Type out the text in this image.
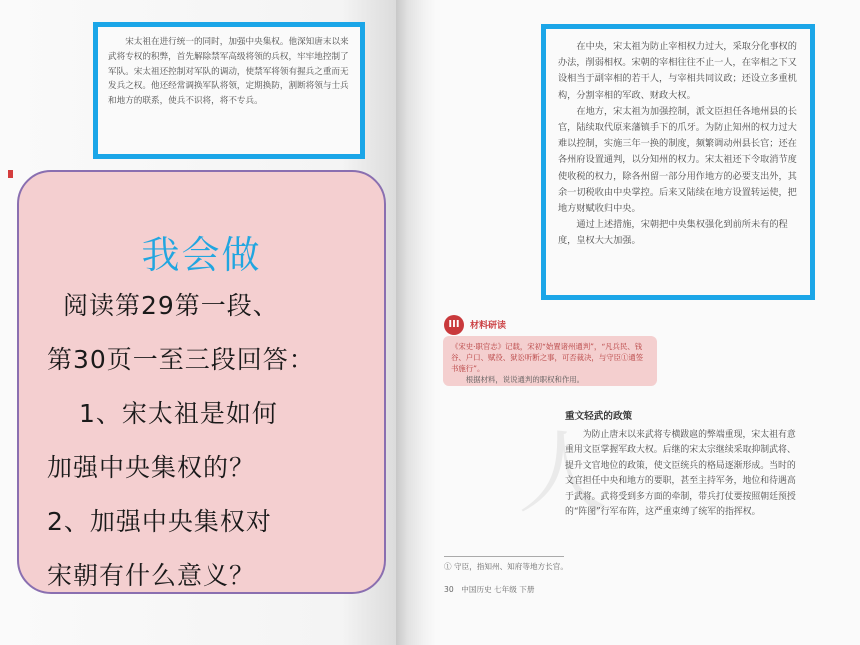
宋太祖在进行统一的同时，加强中央集权。他深知唐末以来武将专权的积弊，首先解除禁军高级将领的兵权，牢牢地控制了军队。宋太祖还控制对军队的调动，使禁军将领有握兵之重而无发兵之权。他还经常调换军队将领，定期换防，割断将领与士兵和地方的联系，使兵不识将，将不专兵。

我会做
阅读第29第一段、
第30页一至三段回答：
1、宋太祖是如何
加强中央集权的？
2、加强中央集权对
宋朝有什么意义？

在中央，宋太祖为防止宰相权力过大，采取分化事权的办法，削弱相权。宋朝的宰相往往不止一人，在宰相之下又设相当于副宰相的若干人，与宰相共同议政；还设立多重机构，分割宰相的军政、财政大权。

在地方，宋太祖为加强控制，派文臣担任各地州县的长官，陆续取代原来藩镇手下的爪牙。为防止知州的权力过大难以控制，实施三年一换的制度，频繁调动州县长官；还在各州府设置通判，以分知州的权力。宋太祖还下令取消节度使收税的权力，除各州留一部分用作地方的必要支出外，其余一切税收由中央掌控。后来又陆续在地方设置转运使，把地方财赋收归中央。

通过上述措施，宋朝把中央集权强化到前所未有的程度，皇权大大加强。

III	材料研读

《宋史·职官志》记载，宋初“始置诸州通判”，“凡兵民、钱谷、户口、赋役、狱讼听断之事，可否裁决，与守臣①通签书施行”。

根据材料，说说通判的职权和作用。

人
重文轻武的政策

为防止唐末以来武将专横跋扈的弊端重现，宋太祖有意重用文臣掌握军政大权。后继的宋太宗继续采取抑制武将、提升文官地位的政策，使文臣统兵的格局逐渐形成。当时的文官担任中央和地方的要职，甚至主持军务，地位和待遇高于武将。武将受到多方面的牵制，带兵打仗要按照朝廷预授的“阵图”行军布阵，这严重束缚了统军的指挥权。

① 守臣，指知州、知府等地方长官。
30　中国历史 七年级 下册
